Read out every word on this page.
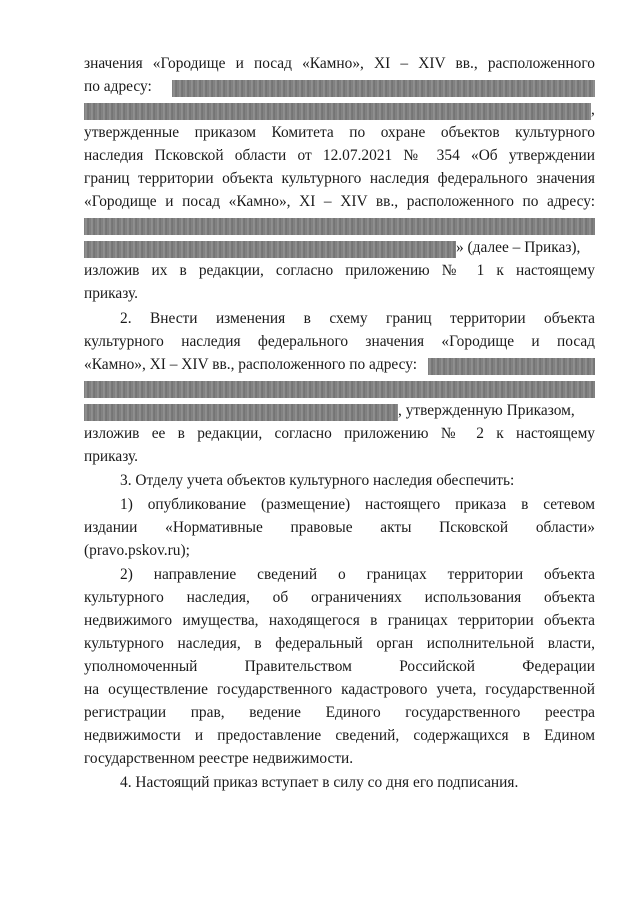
значения «Городище и посад «Камно», XI – XIV вв., расположенного
по адресу:
,
утвержденные приказом Комитета по охране объектов культурного
наследия Псковской области от 12.07.2021 № 354 «Об утверждении
границ территории объекта культурного наследия федерального значения
«Городище и посад «Камно», XI – XIV вв., расположенного по адресу:
» (далее – Приказ),
изложив их в редакции, согласно приложению № 1 к настоящему
приказу.
2. Внести изменения в схему границ территории объекта
культурного наследия федерального значения «Городище и посад
«Камно», XI – XIV вв., расположенного по адресу:
, утвержденную Приказом,
изложив ее в редакции, согласно приложению № 2 к настоящему
приказу.
3. Отделу учета объектов культурного наследия обеспечить:
1) опубликование (размещение) настоящего приказа в сетевом
издании «Нормативные правовые акты Псковской области»
(pravo.pskov.ru);
2) направление сведений о границах территории объекта
культурного наследия, об ограничениях использования объекта
недвижимого имущества, находящегося в границах территории объекта
культурного наследия, в федеральный орган исполнительной власти,
уполномоченный Правительством Российской Федерации
на осуществление государственного кадастрового учета, государственной
регистрации прав, ведение Единого государственного реестра
недвижимости и предоставление сведений, содержащихся в Едином
государственном реестре недвижимости.
4. Настоящий приказ вступает в силу со дня его подписания.
